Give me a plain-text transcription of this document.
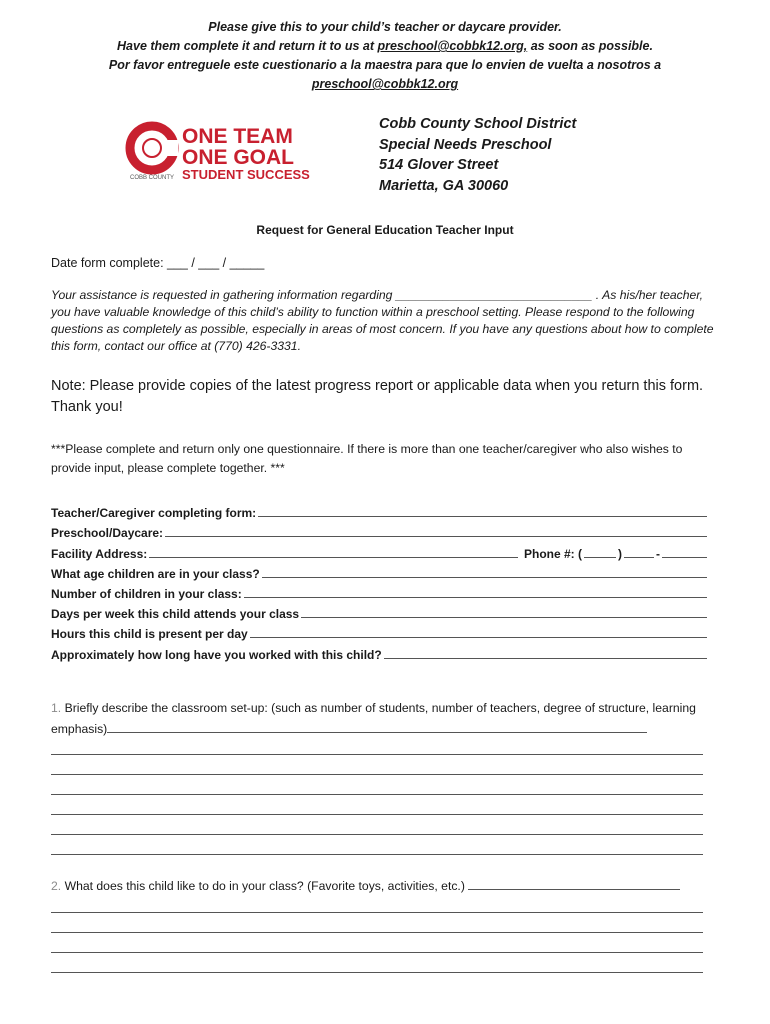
Please give this to your child’s teacher or daycare provider.
Have them complete it and return it to us at preschool@cobbk12.org, as soon as possible.
Por favor entreguele este cuestionario a la maestra para que lo envien de vuelta a nosotros a
preschool@cobbk12.org
ONE TEAM
ONE GOAL
STUDENT SUCCESS
COBB COUNTY
Cobb County School District
Special Needs Preschool
514 Glover Street
Marietta, GA 30060
Request for General Education Teacher Input
Date form complete: ___ / ___ / _____
Your assistance is requested in gathering information regarding _____________________________ . As his/her teacher, you have valuable knowledge of this child’s ability to function within a preschool setting. Please respond to the following questions as completely as possible, especially in areas of most concern. If you have any questions about how to complete this form, contact our office at (770) 426-3331.
Note: Please provide copies of the latest progress report or applicable data when you return this form. Thank you!
***Please complete and return only one questionnaire. If there is more than one teacher/caregiver who also wishes to provide input, please complete together. ***
Teacher/Caregiver completing form:
Preschool/Daycare:
Facility Address:	Phone #: (	)	-
What age children are in your class?
Number of children in your class:
Days per week this child attends your class
Hours this child is present per day
Approximately how long have you worked with this child?
1. Briefly describe the classroom set-up: (such as number of students, number of teachers, degree of structure, learning emphasis)
2. What does this child like to do in your class? (Favorite toys, activities, etc.)
